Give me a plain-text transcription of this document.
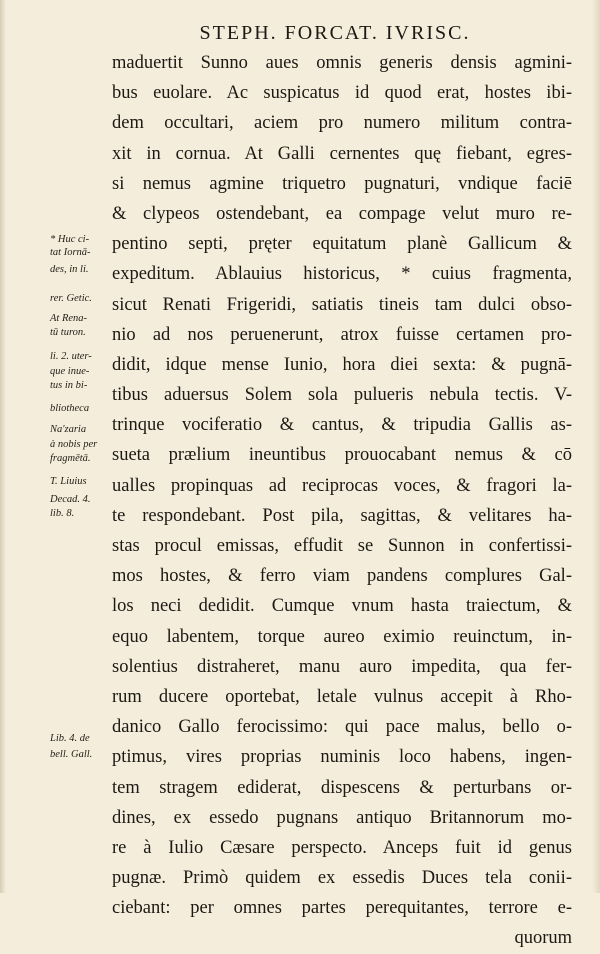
STEPH. FORCAT. IVRISC.
maduertit Sunno aues omnis generis densis agmini-
bus euolare. Ac suspicatus id quod erat, hostes ibi-
dem occultari, aciem pro numero militum contra-
xit in cornua. At Galli cernentes quę fiebant, egres-
si nemus agmine triquetro pugnaturi, vndique faciē
& clypeos ostendebant, ea compage velut muro re-
pentino septi, pręter equitatum planè Gallicum &
expeditum. Ablauius historicus, * cuius fragmenta,
sicut Renati Frigeridi, satiatis tineis tam dulci obso-
nio ad nos peruenerunt, atrox fuisse certamen pro-
didit, idque mense Iunio, hora diei sexta: & pugnā-
tibus aduersus Solem sola pulueris nebula tectis. V-
trinque vociferatio & cantus, & tripudia Gallis as-
sueta prælium ineuntibus prouocabant nemus & cō
ualles propinquas ad reciprocas voces, & fragori la-
te respondebant. Post pila, sagittas, & velitares ha-
stas procul emissas, effudit se Sunnon in confertissi-
mos hostes, & ferro viam pandens complures Gal-
los neci dedidit. Cumque vnum hasta traiectum, &
equo labentem, torque aureo eximio reuinctum, in-
solentius distraheret, manu auro impedita, qua fer-
rum ducere oportebat, letale vulnus accepit à Rho-
danico Gallo ferocissimo: qui pace malus, bello o-
ptimus, vires proprias numinis loco habens, ingen-
tem stragem ediderat, dispescens & perturbans or-
dines, ex essedo pugnans antiquo Britannorum mo-
re à Iulio Cæsare perspecto. Anceps fuit id genus
pugnæ. Primò quidem ex essedis Duces tela conii-
ciebant: per omnes partes perequitantes, terrore e-
quorum
* Huc ci-
tat Iornā-
des, in li.
rer. Getic.
At Rena-
tū turon.
li. 2. uter-
que inue-
tus in bi-
bliotheca
Na'zaria
à nobis per
fragmētā.
T. Liuius
Decad. 4.
lib. 8.
Lib. 4. de
bell. Gall.
